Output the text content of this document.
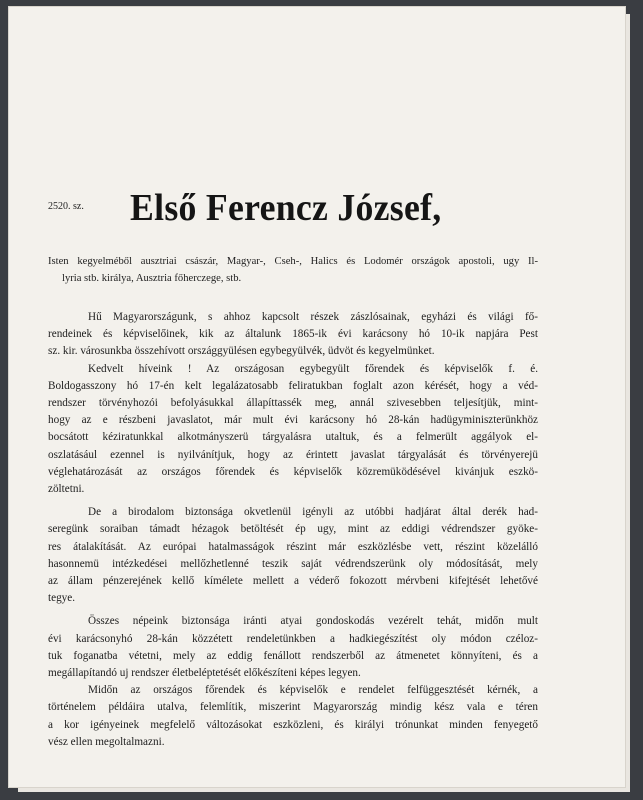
2520. sz. Első Ferencz József,
Isten kegyelméből ausztriai császár, Magyar-, Cseh-, Halics és Lodomér országok apostoli, ugy Il-
lyria stb. királya, Ausztria főherczege, stb.
Hű Magyarországunk, s ahhoz kapcsolt részek zászlósainak, egyházi és világi fő-
rendeinek és képviselőinek, kik az általunk 1865-ik évi karácsony hó 10-ik napjára Pest
sz. kir. városunkba összehívott országgyülésen egybegyülvék, üdvöt és kegyelmünket.
Kedvelt híveink ! Az országosan egybegyült főrendek és képviselők f. é.
Boldogasszony hó 17-én kelt legalázatosabb feliratukban foglalt azon kérését, hogy a véd-
rendszer törvényhozói befolyásukkal állapíttassék meg, annál szivesebben teljesítjük, mint-
hogy az e részbeni javaslatot, már mult évi karácsony hó 28-kán hadügyminiszterünkhöz
bocsátott kéziratunkkal alkotmányszerü tárgyalásra utaltuk, és a felmerült aggályok el-
oszlatásául ezennel is nyilvánítjuk, hogy az érintett javaslat tárgyalását és törvényerejü
véglehatározását az országos főrendek és képviselők közremüködésével kivánjuk eszkö-
zöltetni.
De a birodalom biztonsága okvetlenül igényli az utóbbi hadjárat által derék had-
seregünk soraiban támadt hézagok betöltését ép ugy, mint az eddigi védrendszer gyöke-
res átalakítását. Az európai hatalmasságok részint már eszközlésbe vett, részint közelálló
hasonnemü intézkedései mellőzhetlenné teszik saját védrendszerünk oly módosítását, mely
az állam pénzerejének kellő kímélete mellett a véderő fokozott mérvbeni kifejtését lehetővé
tegye.
Összes népeink biztonsága iránti atyai gondoskodás vezérelt tehát, midőn mult
évi karácsonyhó 28-kán közzétett rendeletünkben a hadkiegészítést oly módon czéloz-
tuk foganatba vétetni, mely az eddig fenállott rendszerből az átmenetet könnyíteni, és a
megállapítandó uj rendszer életbeléptetését előkészíteni képes legyen.
Midőn az országos főrendek és képviselők e rendelet felfüggesztését kérnék, a
történelem példáira utalva, felemlítik, miszerint Magyarország mindig kész vala e téren
a kor igényeinek megfelelő változásokat eszközleni, és királyi trónunkat minden fenyegető
vész ellen megoltalmazni.
